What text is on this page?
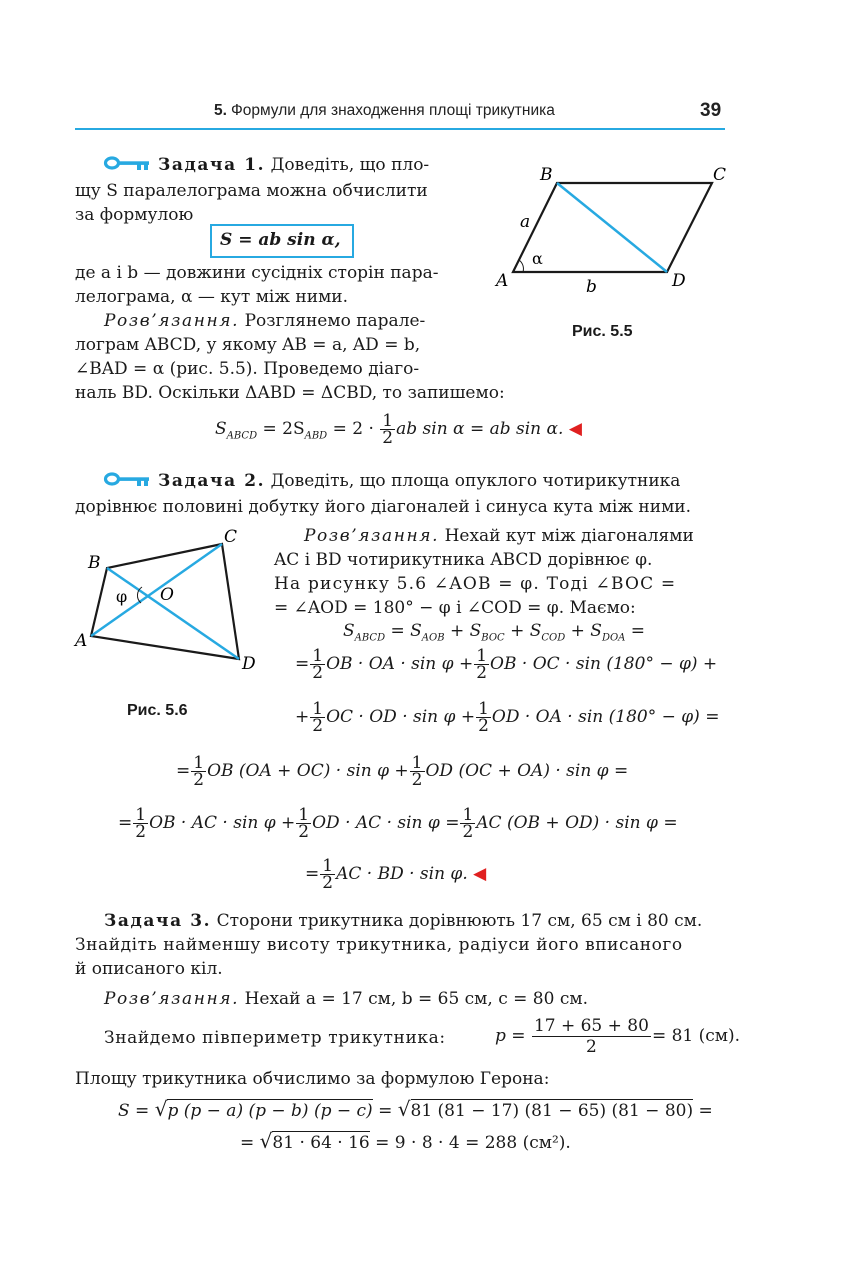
5. Формули для знаходження площі трикутника	39
Задача 1. Доведіть, що пло-
щу S паралелограма можна обчислити
за формулою
S = ab sin α,
де a і b — довжини сусідніх сторін пара-
лелограма, α — кут між ними.
Розв’язання. Розглянемо парале-
лограм ABCD, у якому AB = a, AD = b,
∠BAD = α (рис. 5.5). Проведемо діаго-
наль BD. Оскільки ΔABD = ΔCBD, то запишемо:
$S_{ABCD} = 2S_{ABD} = 2 \cdot \frac{1}{2}$ ab sin α = ab sin α. ◀
B	C
A	D
a
b
α
Рис. 5.5
Задача 2. Доведіть, що площа опуклого чотирикутника
дорівнює половині добутку його діагоналей і синуса кута між ними.
B
C
A
D
O
φ
Рис. 5.6
Розв’язання. Нехай кут між діагоналями
AC і BD чотирикутника ABCD дорівнює φ.
На рисунку 5.6 ∠AOB = φ. Тоді ∠BOC =
= ∠AOD = 180° − φ і ∠COD = φ. Маємо:
$S_{ABCD} = S_{AOB} + S_{BOC} + S_{COD} + S_{DOA}$ =
= $\frac{1}{2}$ OB · OA · $\sin \varphi + \frac{1}{2}$ OB · OC · sin (180° − φ) +
+ $\frac{1}{2}$ OC · OD · $\sin \varphi + \frac{1}{2}$ OD · OA · sin (180° − φ) =
= $\frac{1}{2}$ OB $(OA + OC) \cdot \sin \varphi + \frac{1}{2}$ OD (OC + OA) · sin φ =
= $\frac{1}{2}$ OB · AC · $\sin \varphi + \frac{1}{2}$ OD · AC · $\sin \varphi = \frac{1}{2}$ AC (OB + OD) · sin φ =
= $\frac{1}{2}$ AC · BD · sin φ. ◀
Задача 3. Сторони трикутника дорівнюють 17 см, 65 см і 80 см.
Знайдіть найменшу висоту трикутника, радіуси його вписаного
й описаного кіл.
Розв’язання. Нехай a = 17 см, b = 65 см, c = 80 см.
Знайдемо півпериметр трикутника:	$p = \frac{17 + 65 + 80}{2} = 81$ (см).
Площу трикутника обчислимо за формулою Герона:
S = √p (p − a) (p − b) (p − c) = √81 (81 − 17) (81 − 65) (81 − 80) =
= √81 · 64 · 16 = 9 · 8 · 4 = 288 (см²).
